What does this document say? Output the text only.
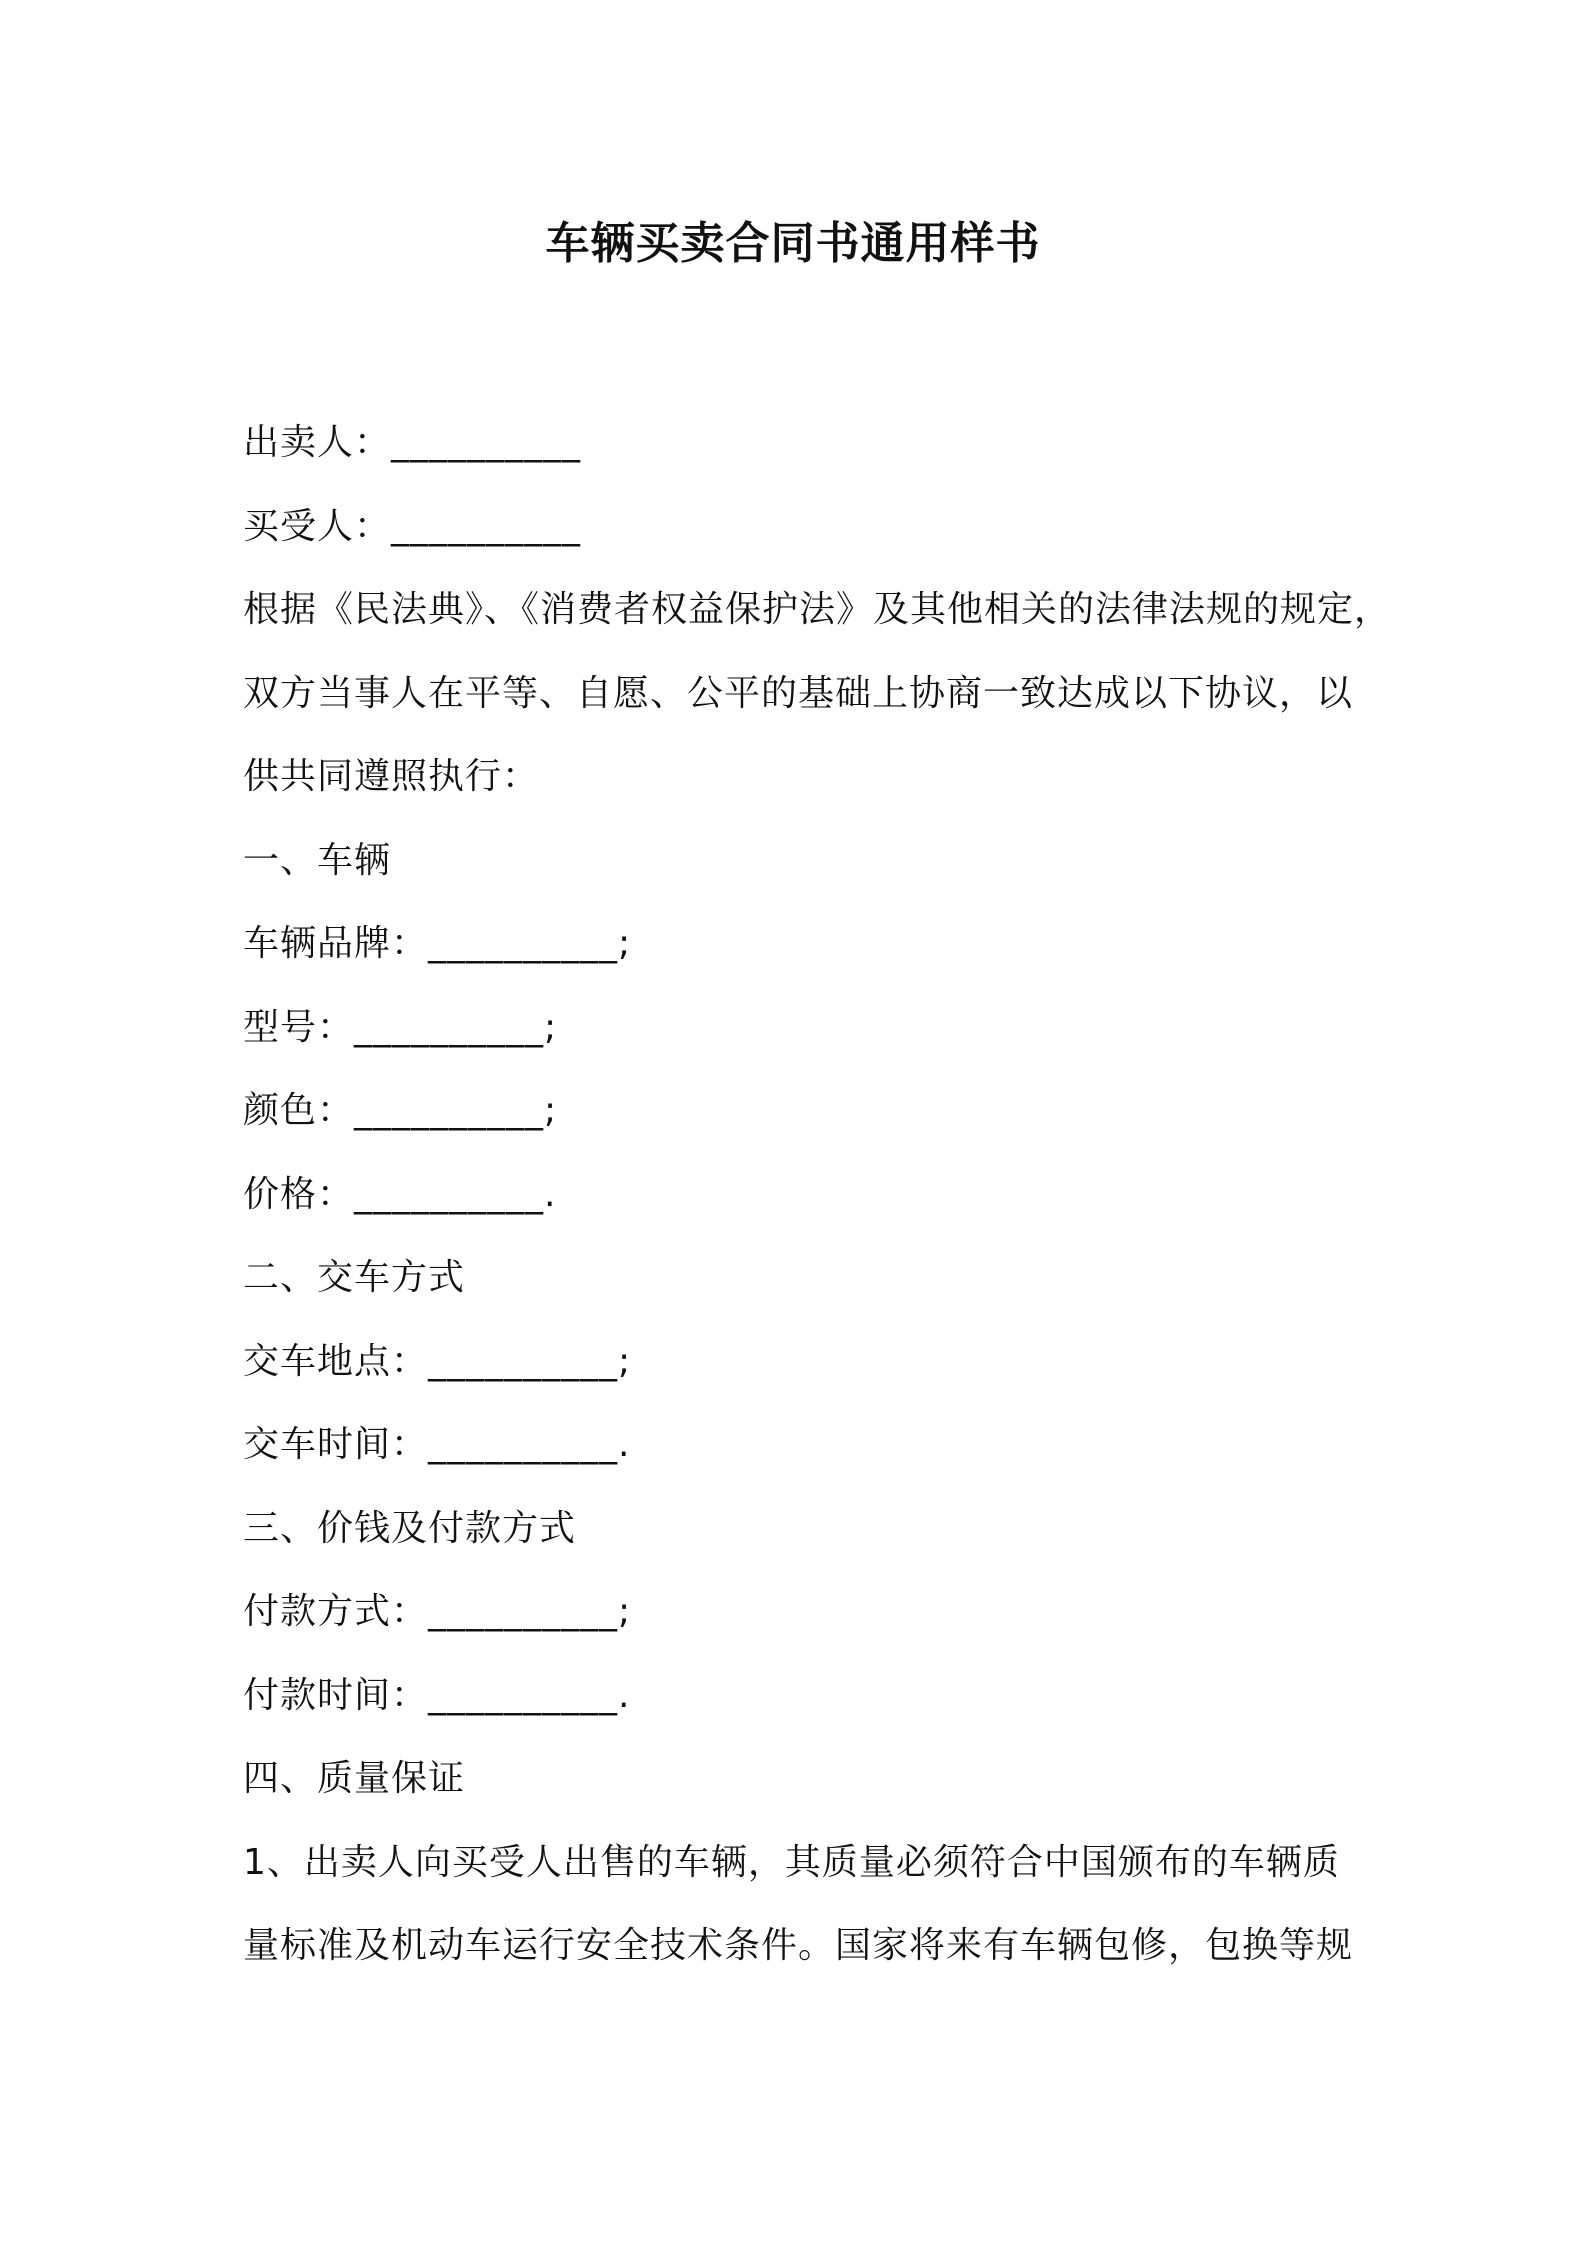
车辆买卖合同书通用样书
出卖人：__________
买受人：__________
根据《民法典》、《消费者权益保护法》及其他相关的法律法规的规定，
双方当事人在平等、自愿、公平的基础上协商一致达成以下协议，以
供共同遵照执行：
一、车辆
车辆品牌：__________;
型号：__________;
颜色：__________;
价格：__________.
二、交车方式
交车地点：__________;
交车时间：__________.
三、价钱及付款方式
付款方式：__________;
付款时间：__________.
四、质量保证
1、出卖人向买受人出售的车辆，其质量必须符合中国颁布的车辆质
量标准及机动车运行安全技术条件。国家将来有车辆包修，包换等规
